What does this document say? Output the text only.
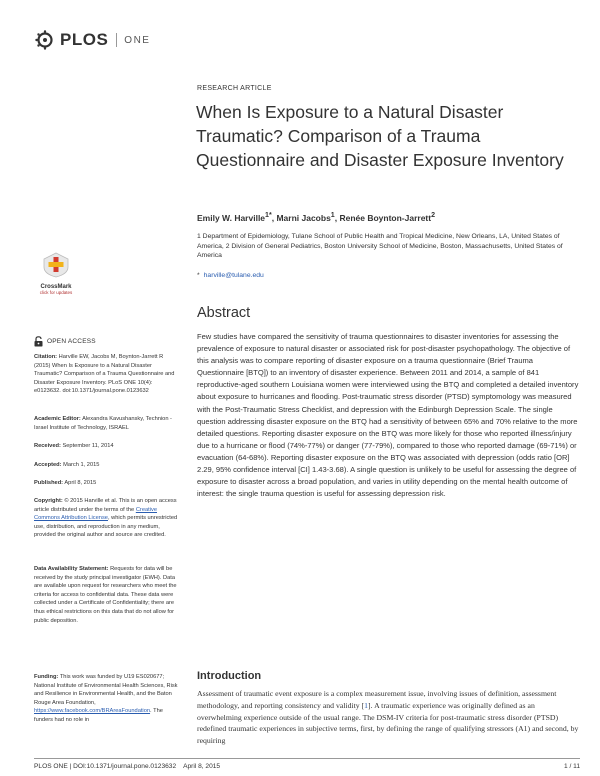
PLOS ONE
RESEARCH ARTICLE
When Is Exposure to a Natural Disaster Traumatic? Comparison of a Trauma Questionnaire and Disaster Exposure Inventory
Emily W. Harville$^{1*}$, Marni Jacobs$^1$, Renée Boynton-Jarrett$^2$
1 Department of Epidemiology, Tulane School of Public Health and Tropical Medicine, New Orleans, LA, United States of America, 2 Division of General Pediatrics, Boston University School of Medicine, Boston, Massachusetts, United States of America
* harville@tulane.edu
CrossMark
click for updates
Abstract
Few studies have compared the sensitivity of trauma questionnaires to disaster inventories for assessing the prevalence of exposure to natural disaster or associated risk for post-disaster psychopathology. The objective of this analysis was to compare reporting of disaster exposure on a trauma questionnaire (Brief Trauma Questionnaire [BTQ]) to an inventory of disaster experience. Between 2011 and 2014, a sample of 841 reproductive-aged southern Louisiana women were interviewed using the BTQ and completed a detailed inventory about exposure to hurricanes and flooding. Post-traumatic stress disorder (PTSD) symptomology was measured with the Post-Traumatic Stress Checklist, and depression with the Edinburgh Depression Scale. The single question addressing disaster exposure on the BTQ had a sensitivity of between 65% and 70% relative to the more detailed questions. Reporting disaster exposure on the BTQ was more likely for those who reported illness/injury due to a hurricane or flood (74%-77%) or danger (77-79%), compared to those who reported damage (69-71%) or evacuation (64-68%). Reporting disaster exposure on the BTQ was associated with depression (odds ratio [OR] 2.29, 95% confidence interval [CI] 1.43-3.68). A single question is unlikely to be useful for assessing the degree of exposure to disaster across a broad population, and varies in utility depending on the mental health outcome of interest: the single trauma question is useful for assessing depression risk.
OPEN ACCESS
Citation: Harville EW, Jacobs M, Boynton-Jarrett R (2015) When Is Exposure to a Natural Disaster Traumatic? Comparison of a Trauma Questionnaire and Disaster Exposure Inventory. PLoS ONE 10(4): e0123632. doi:10.1371/journal.pone.0123632
Academic Editor: Alexandra Kavushansky, Technion - Israel Institute of Technology, ISRAEL
Received: September 11, 2014
Accepted: March 1, 2015
Published: April 8, 2015
Copyright: © 2015 Harville et al. This is an open access article distributed under the terms of the Creative Commons Attribution License, which permits unrestricted use, distribution, and reproduction in any medium, provided the original author and source are credited.
Data Availability Statement: Requests for data will be received by the study principal investigator (EWH). Data are available upon request for researchers who meet the criteria for access to confidential data. These data were collected under a Certificate of Confidentiality; there are thus ethical restrictions on this data that do not allow for public deposition.
Funding: This work was funded by U19 ES020677; National Institute of Environmental Health Sciences, Risk and Resilience in Environmental Health, and the Baton Rouge Area Foundation, https://www.facebook.com/BRAreaFoundation. The funders had no role in
Introduction
Assessment of traumatic event exposure is a complex measurement issue, involving issues of definition, assessment methodology, and reporting consistency and validity [1]. A traumatic experience was originally defined as an overwhelming experience outside of the usual range. The DSM-IV criteria for post-traumatic stress disorder (PTSD) redefined traumatic experiences in subjective terms, first, by defining the range of qualifying stressors (A1) and second, by requiring
PLOS ONE | DOI:10.1371/journal.pone.0123632    April 8, 2015	1 / 11
